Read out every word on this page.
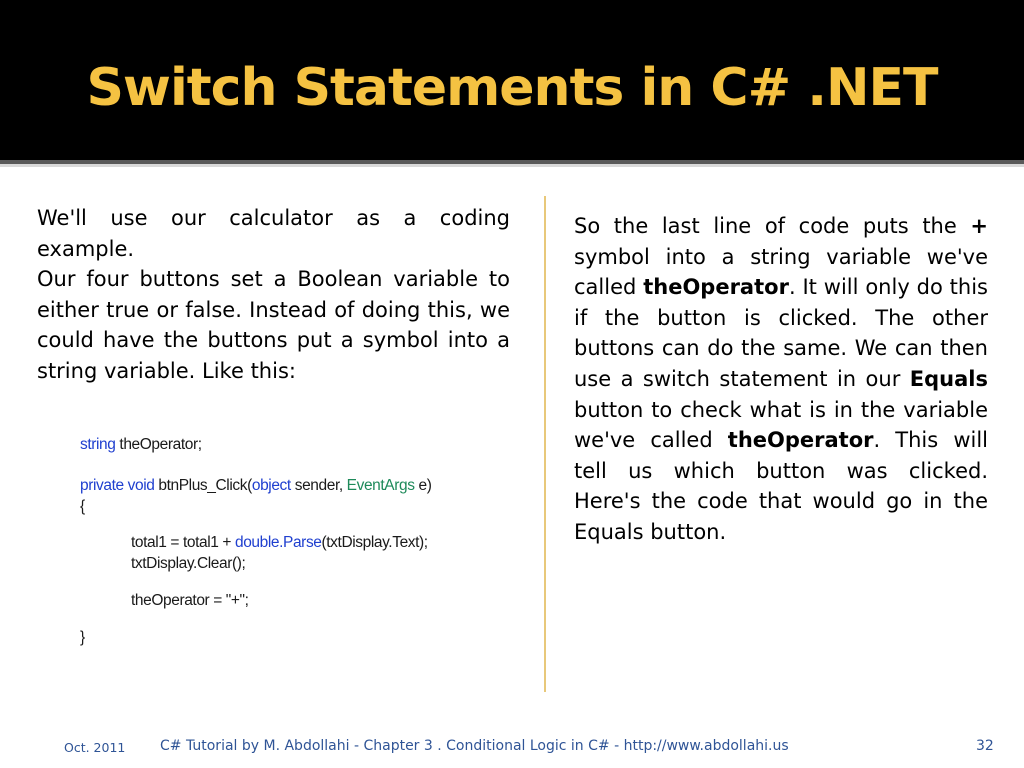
Switch Statements in C# .NET

We'll use our calculator as a coding example.

Our four buttons set a Boolean variable to either true or false. Instead of doing this, we could have the buttons put a symbol into a string variable. Like this:

string theOperator;
private void btnPlus_Click(object sender, EventArgs e)
{
total1 = total1 + double.Parse(txtDisplay.Text);
txtDisplay.Clear();
theOperator = "+";
}

So the last line of code puts the + symbol into a string variable we've called theOperator. It will only do this if the button is clicked. The other buttons can do the same. We can then use a switch statement in our Equals button to check what is in the variable we've called theOperator. This will tell us which button was clicked. Here's the code that would go in the Equals button.

Oct. 2011 C# Tutorial by M. Abdollahi - Chapter 3 . Conditional Logic in C# - http://www.abdollahi.us	32
